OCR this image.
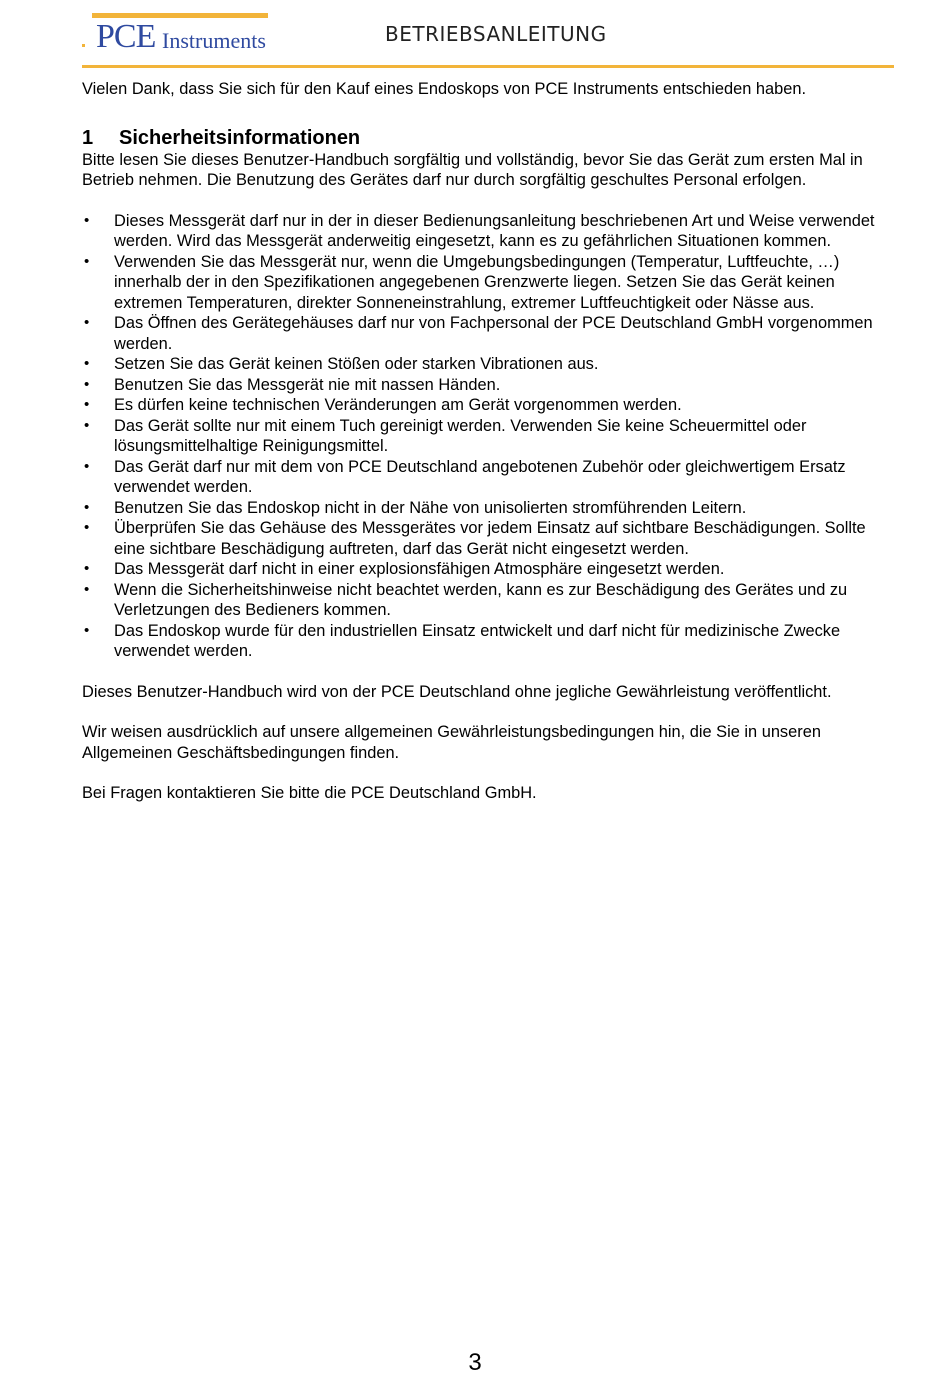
PCE Instruments	BETRIEBSANLEITUNG

Vielen Dank, dass Sie sich für den Kauf eines Endoskops von PCE Instruments entschieden haben.

1 Sicherheitsinformationen

Bitte lesen Sie dieses Benutzer-Handbuch sorgfältig und vollständig, bevor Sie das Gerät zum ersten Mal in Betrieb nehmen. Die Benutzung des Gerätes darf nur durch sorgfältig geschultes Personal erfolgen.

• Dieses Messgerät darf nur in der in dieser Bedienungsanleitung beschriebenen Art und Weise verwendet werden. Wird das Messgerät anderweitig eingesetzt, kann es zu gefährlichen Situationen kommen.
• Verwenden Sie das Messgerät nur, wenn die Umgebungsbedingungen (Temperatur, Luftfeuchte, …) innerhalb der in den Spezifikationen angegebenen Grenzwerte liegen. Setzen Sie das Gerät keinen extremen Temperaturen, direkter Sonneneinstrahlung, extremer Luftfeuchtigkeit oder Nässe aus.
• Das Öffnen des Gerätegehäuses darf nur von Fachpersonal der PCE Deutschland GmbH vorgenommen werden.
• Setzen Sie das Gerät keinen Stößen oder starken Vibrationen aus.
• Benutzen Sie das Messgerät nie mit nassen Händen.
• Es dürfen keine technischen Veränderungen am Gerät vorgenommen werden.
• Das Gerät sollte nur mit einem Tuch gereinigt werden. Verwenden Sie keine Scheuermittel oder lösungsmittelhaltige Reinigungsmittel.
• Das Gerät darf nur mit dem von PCE Deutschland angebotenen Zubehör oder gleichwertigem Ersatz verwendet werden.
• Benutzen Sie das Endoskop nicht in der Nähe von unisolierten stromführenden Leitern.
• Überprüfen Sie das Gehäuse des Messgerätes vor jedem Einsatz auf sichtbare Beschädigungen. Sollte eine sichtbare Beschädigung auftreten, darf das Gerät nicht eingesetzt werden.
• Das Messgerät darf nicht in einer explosionsfähigen Atmosphäre eingesetzt werden.
• Wenn die Sicherheitshinweise nicht beachtet werden, kann es zur Beschädigung des Gerätes und zu Verletzungen des Bedieners kommen.
• Das Endoskop wurde für den industriellen Einsatz entwickelt und darf nicht für medizinische Zwecke verwendet werden.

Dieses Benutzer-Handbuch wird von der PCE Deutschland ohne jegliche Gewährleistung veröffentlicht.

Wir weisen ausdrücklich auf unsere allgemeinen Gewährleistungsbedingungen hin, die Sie in unseren Allgemeinen Geschäftsbedingungen finden.

Bei Fragen kontaktieren Sie bitte die PCE Deutschland GmbH.

3
